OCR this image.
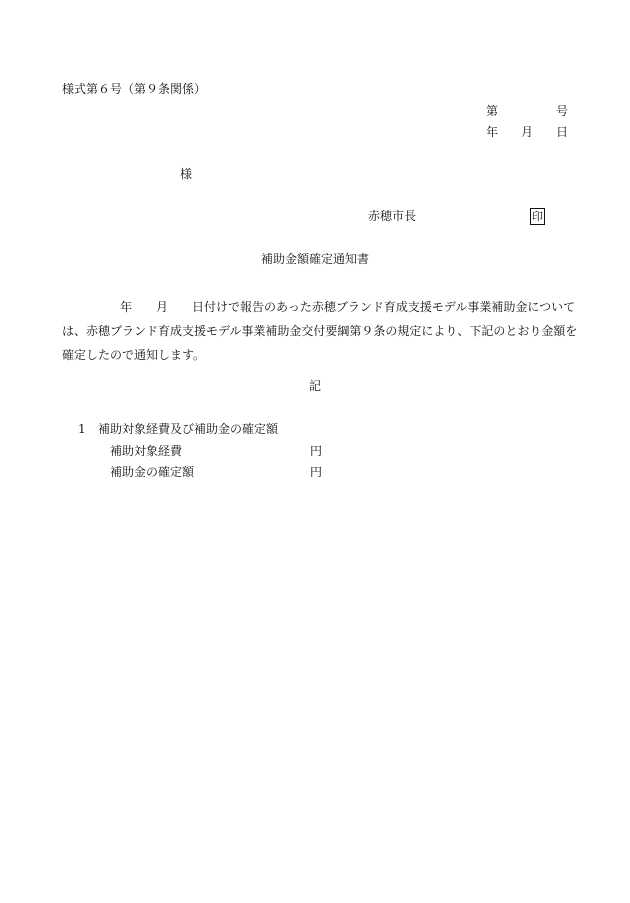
様式第６号（第９条関係）
第	号
年 月 日
様
赤穂市長	印
補助金額確定通知書
年 月 日付けで報告のあった赤穂ブランド育成支援モデル事業補助金について
は、赤穂ブランド育成支援モデル事業補助金交付要綱第９条の規定により、下記のとおり金額を
確定したので通知します。
記
1 補助対象経費及び補助金の確定額
補助対象経費	円
補助金の確定額	円
